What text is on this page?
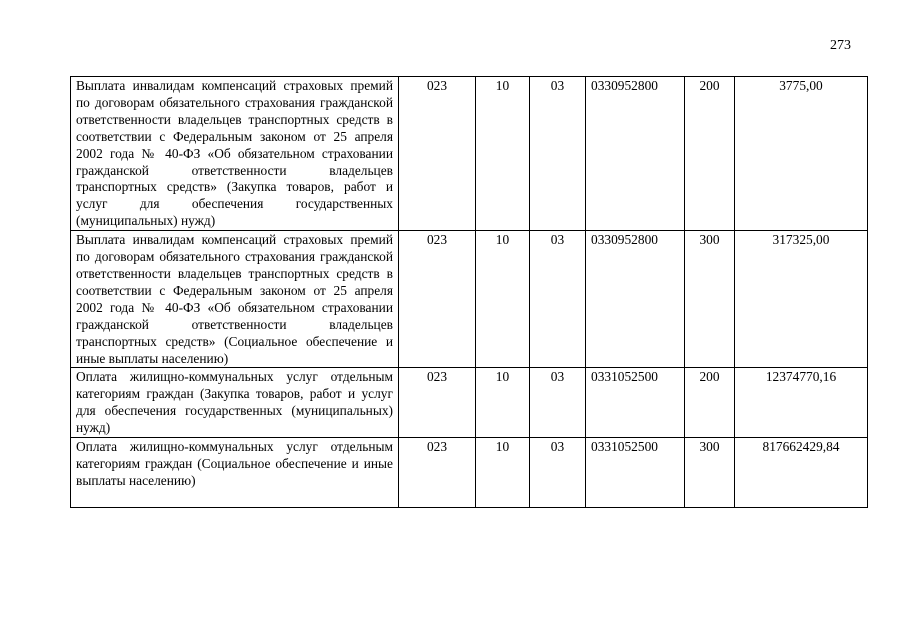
273
Выплата инвалидам компенсаций страховых премий по договорам обязательного страхования гражданской ответственности владельцев транспортных средств в соответствии с Федеральным законом от 25 апреля 2002 года № 40-ФЗ «Об обязательном страховании гражданской ответственности владельцев транспортных средств» (Закупка товаров, работ и услуг для обеспечения государственных (муниципальных) нужд)	023	10	03	0330952800	200	3775,00
Выплата инвалидам компенсаций страховых премий по договорам обязательного страхования гражданской ответственности владельцев транспортных средств в соответствии с Федеральным законом от 25 апреля 2002 года № 40-ФЗ «Об обязательном страховании гражданской ответственности владельцев транспортных средств» (Социальное обеспечение и иные выплаты населению)	023	10	03	0330952800	300	317325,00
Оплата жилищно-коммунальных услуг отдельным категориям граждан (Закупка товаров, работ и услуг для обеспечения государственных (муниципальных) нужд)	023	10	03	0331052500	200	12374770,16
Оплата жилищно-коммунальных услуг отдельным категориям граждан (Социальное обеспечение и иные выплаты населению)	023	10	03	0331052500	300	817662429,84
